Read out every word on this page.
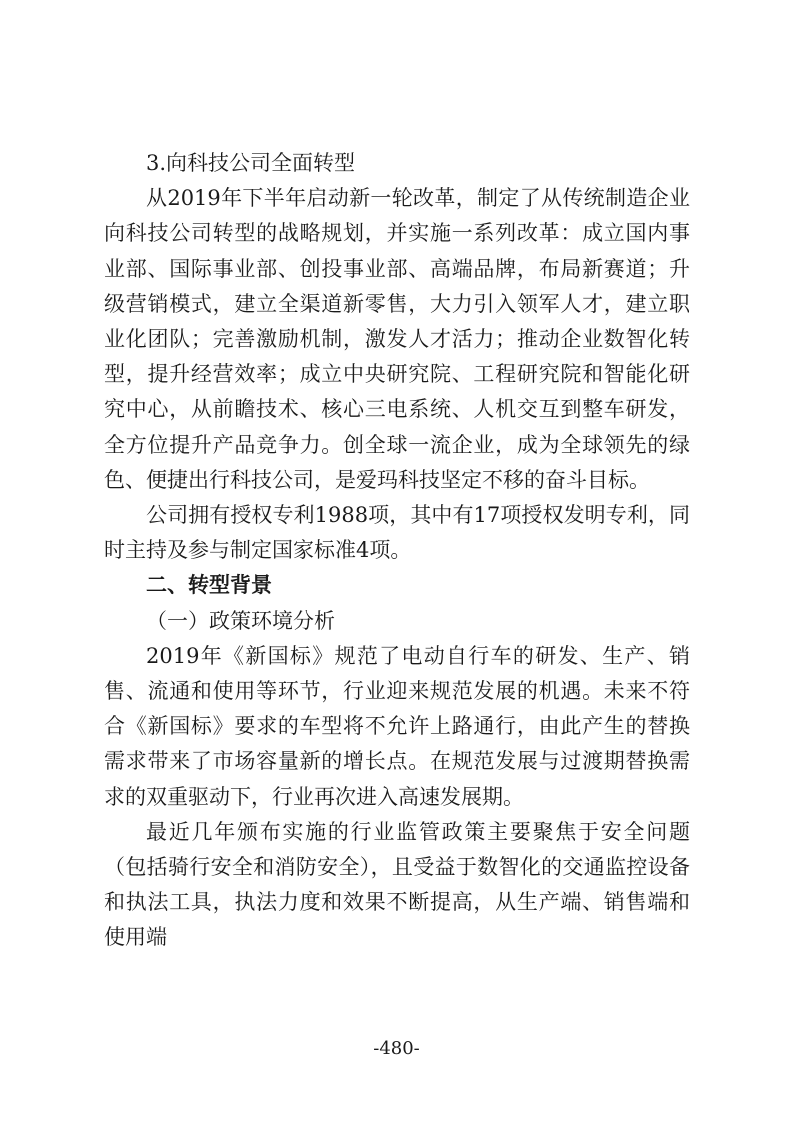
3.向科技公司全面转型

从2019年下半年启动新一轮改革，制定了从传统制造企业向科技公司转型的战略规划，并实施一系列改革：成立国内事业部、国际事业部、创投事业部、高端品牌，布局新赛道；升级营销模式，建立全渠道新零售，大力引入领军人才，建立职业化团队；完善激励机制，激发人才活力；推动企业数智化转型，提升经营效率；成立中央研究院、工程研究院和智能化研究中心，从前瞻技术、核心三电系统、人机交互到整车研发，全方位提升产品竞争力。创全球一流企业，成为全球领先的绿色、便捷出行科技公司，是爱玛科技坚定不移的奋斗目标。

公司拥有授权专利1988项，其中有17项授权发明专利，同时主持及参与制定国家标准4项。

二、转型背景

（一）政策环境分析

2019年《新国标》规范了电动自行车的研发、生产、销售、流通和使用等环节，行业迎来规范发展的机遇。未来不符合《新国标》要求的车型将不允许上路通行，由此产生的替换需求带来了市场容量新的增长点。在规范发展与过渡期替换需求的双重驱动下，行业再次进入高速发展期。

最近几年颁布实施的行业监管政策主要聚焦于安全问题（包括骑行安全和消防安全），且受益于数智化的交通监控设备和执法工具，执法力度和效果不断提高，从生产端、销售端和使用端

-480-
